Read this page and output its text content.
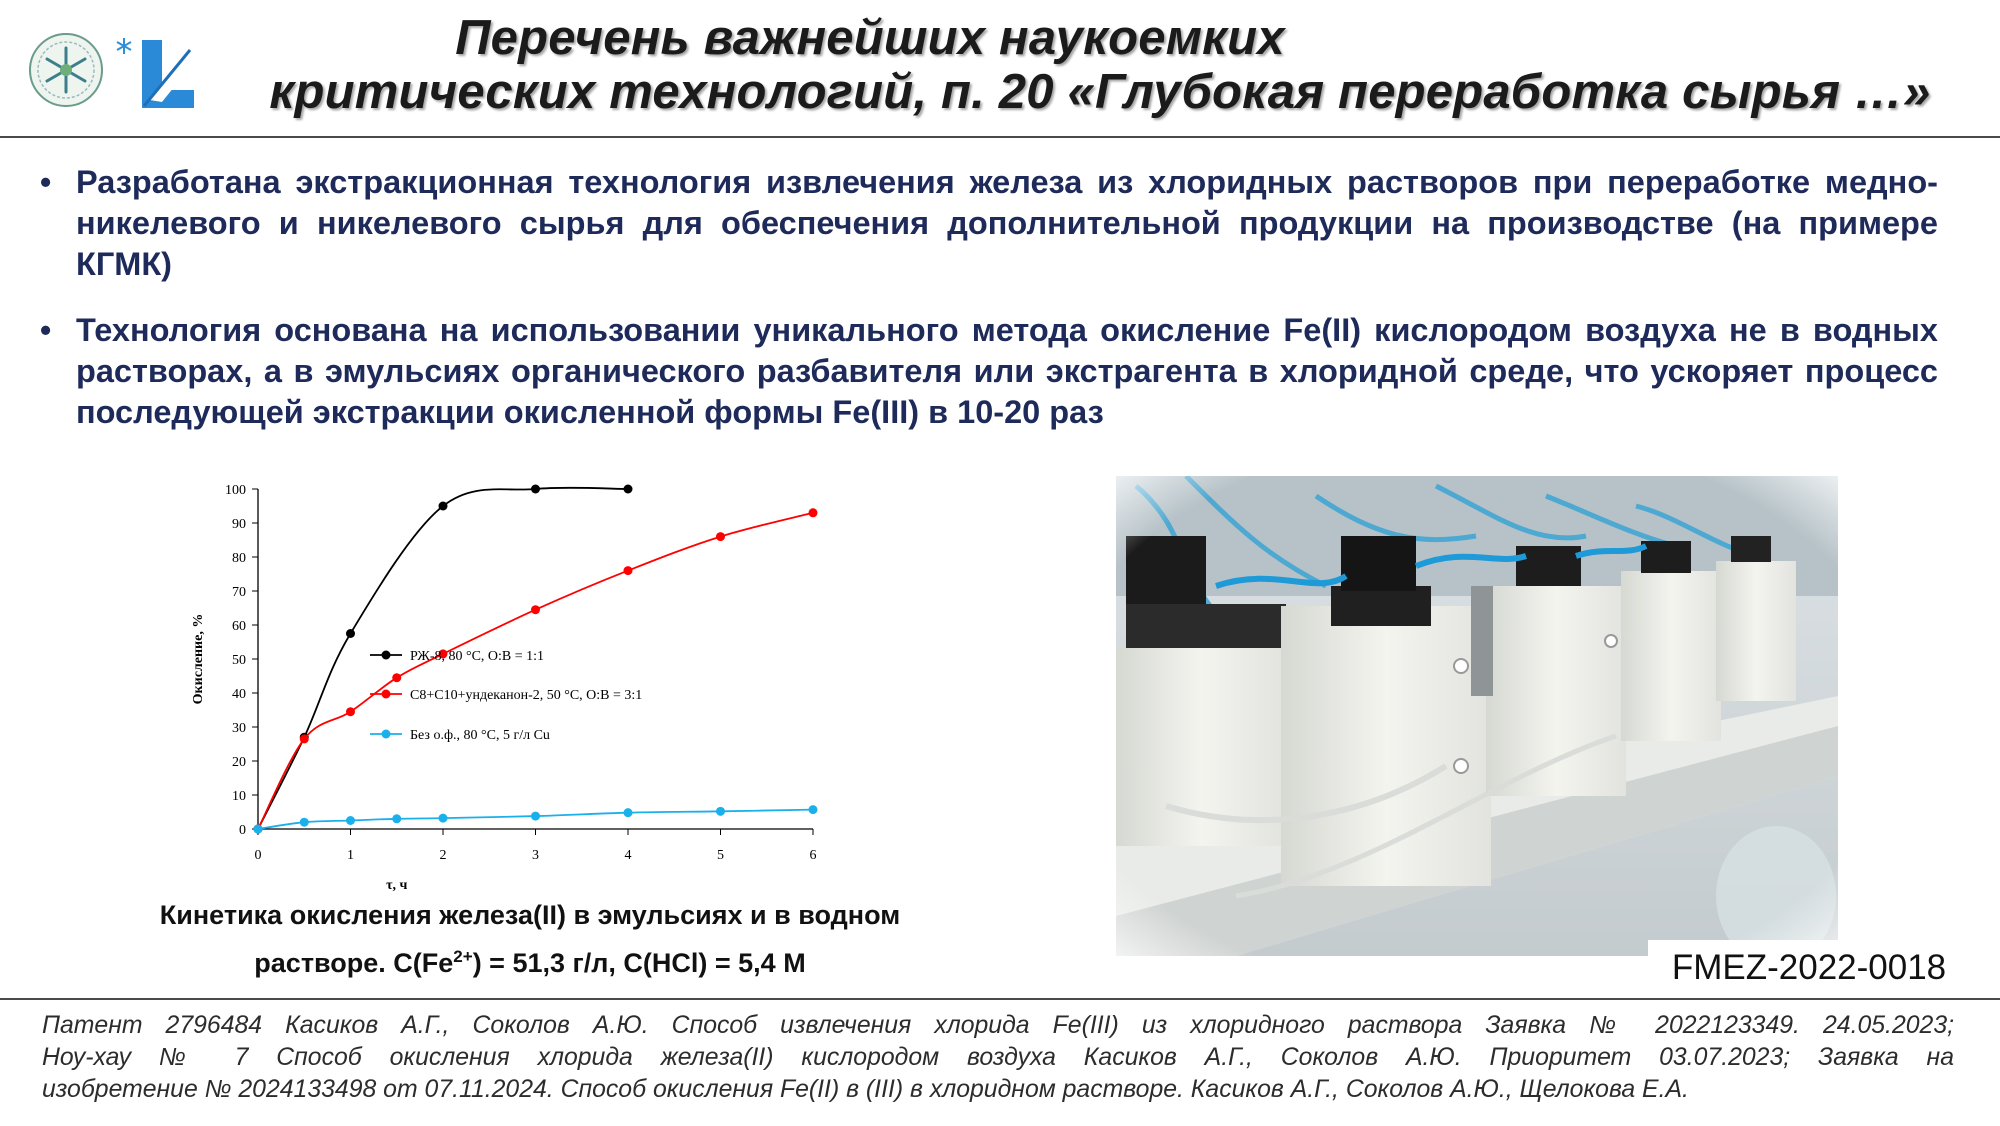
Перечень важнейших наукоемких
критических технологий, п. 20 «Глубокая переработка сырья …»
• Разработана экстракционная технология извлечения железа из хлоридных растворов при переработке медно-никелевого и никелевого сырья для обеспечения дополнительной продукции на производстве (на примере КГМК)
• Технология основана на использовании уникального метода окисление Fe(II) кислородом воздуха не в водных растворах, а в эмульсиях органического разбавителя или экстрагента в хлоридной среде, что ускоряет процесс последующей экстракции окисленной формы Fe(III) в 10-20 раз
0
10
20
30
40
50
60
70
80
90
100
0	1	2	3	4	5	6
τ, ч
Окисление, %	РЖ-8, 80 °С, О:В = 1:1
С8+С10+ундеканон-2, 50 °С, О:В = 3:1
Без о.ф., 80 °С, 5 г/л Cu
Кинетика окисления железа(II) в эмульсиях и в водном
растворе. $С(Fe^{2+}) = 51,3$ г/л, С(HCl) = 5,4 М	FMEZ-2022-0018
Патент 2796484 Касиков А.Г., Соколов А.Ю. Способ извлечения хлорида Fe(III) из хлоридного раствора Заявка № 2022123349. 24.05.2023;
Ноу-хау № 7 Способ окисления хлорида железа(II) кислородом воздуха Касиков А.Г., Соколов А.Ю. Приоритет 03.07.2023; Заявка на
изобретение № 2024133498 от 07.11.2024. Способ окисления Fe(II) в (III) в хлоридном растворе. Касиков А.Г., Соколов А.Ю., Щелокова Е.А.
